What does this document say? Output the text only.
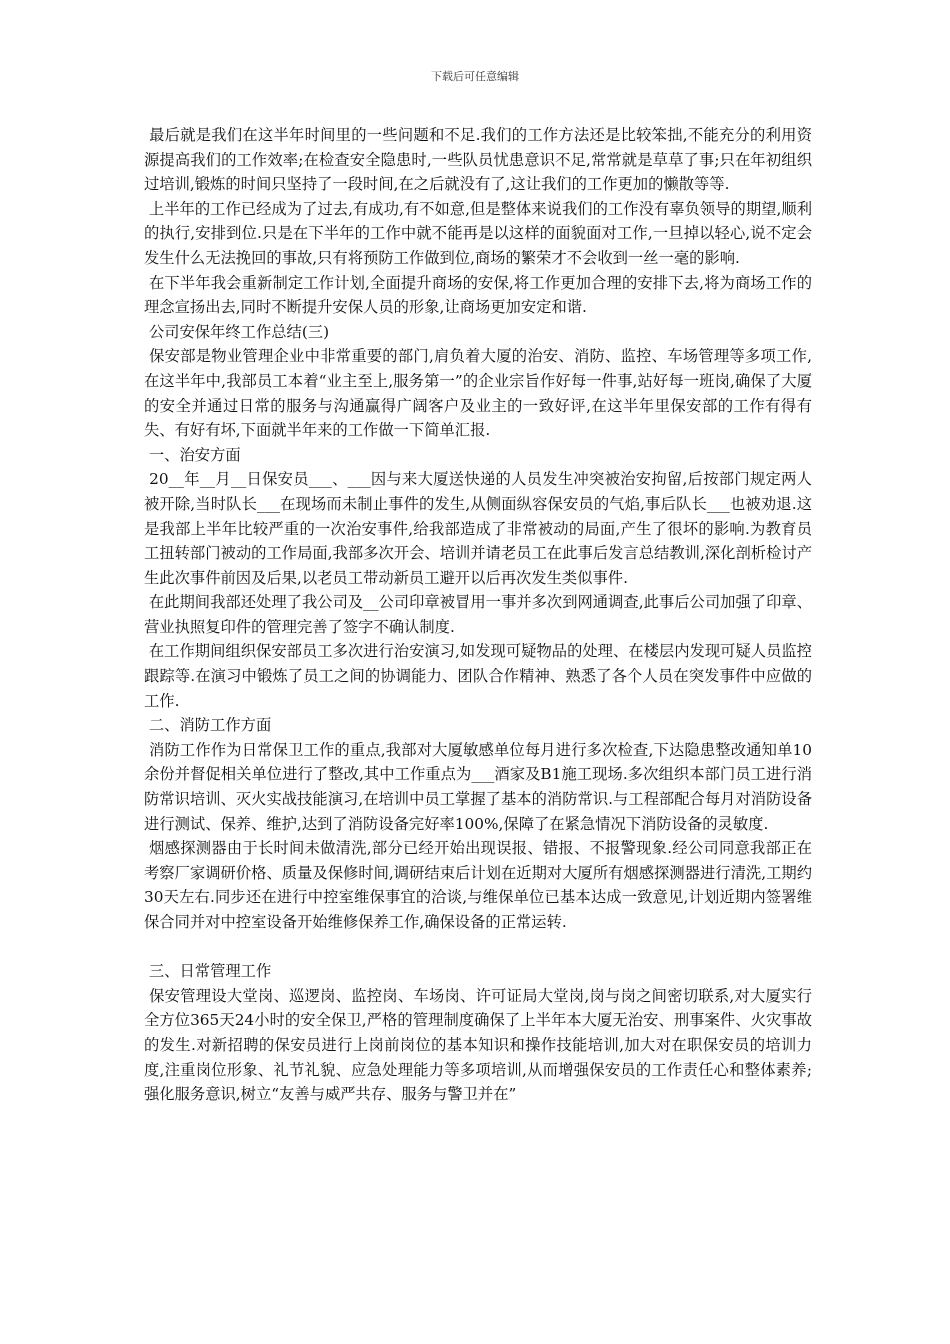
下载后可任意编辑

最后就是我们在这半年时间里的一些问题和不足.我们的工作方法还是比较笨拙,不能充分的利用资源提高我们的工作效率;在检查安全隐患时,一些队员忧患意识不足,常常就是草草了事;只在年初组织过培训,锻炼的时间只坚持了一段时间,在之后就没有了,这让我们的工作更加的懒散等等.

上半年的工作已经成为了过去,有成功,有不如意,但是整体来说我们的工作没有辜负领导的期望,顺利的执行,安排到位.只是在下半年的工作中就不能再是以这样的面貌面对工作,一旦掉以轻心,说不定会发生什么无法挽回的事故,只有将预防工作做到位,商场的繁荣才不会收到一丝一毫的影响.

在下半年我会重新制定工作计划,全面提升商场的安保,将工作更加合理的安排下去,将为商场工作的理念宣扬出去,同时不断提升安保人员的形象,让商场更加安定和谐.

公司安保年终工作总结(三)

保安部是物业管理企业中非常重要的部门,肩负着大厦的治安、消防、监控、车场管理等多项工作,在这半年中,我部员工本着“业主至上,服务第一”的企业宗旨作好每一件事,站好每一班岗,确保了大厦的安全并通过日常的服务与沟通赢得广阔客户及业主的一致好评,在这半年里保安部的工作有得有失、有好有坏,下面就半年来的工作做一下简单汇报.

一、治安方面

20__年__月__日保安员___、___因与来大厦送快递的人员发生冲突被治安拘留,后按部门规定两人被开除,当时队长___在现场而未制止事件的发生,从侧面纵容保安员的气焰,事后队长___也被劝退.这是我部上半年比较严重的一次治安事件,给我部造成了非常被动的局面,产生了很坏的影响.为教育员工扭转部门被动的工作局面,我部多次开会、培训并请老员工在此事后发言总结教训,深化剖析检讨产生此次事件前因及后果,以老员工带动新员工避开以后再次发生类似事件.

在此期间我部还处理了我公司及__公司印章被冒用一事并多次到网通调查,此事后公司加强了印章、营业执照复印件的管理完善了签字不确认制度.

在工作期间组织保安部员工多次进行治安演习,如发现可疑物品的处理、在楼层内发现可疑人员监控跟踪等.在演习中锻炼了员工之间的协调能力、团队合作精神、熟悉了各个人员在突发事件中应做的工作.

二、消防工作方面

消防工作作为日常保卫工作的重点,我部对大厦敏感单位每月进行多次检查,下达隐患整改通知单10余份并督促相关单位进行了整改,其中工作重点为___酒家及B1施工现场.多次组织本部门员工进行消防常识培训、灭火实战技能演习,在培训中员工掌握了基本的消防常识.与工程部配合每月对消防设备进行测试、保养、维护,达到了消防设备完好率100%,保障了在紧急情况下消防设备的灵敏度.

烟感探测器由于长时间未做清洗,部分已经开始出现误报、错报、不报警现象.经公司同意我部正在考察厂家调研价格、质量及保修时间,调研结束后计划在近期对大厦所有烟感探测器进行清洗,工期约30天左右.同步还在进行中控室维保事宜的洽谈,与维保单位已基本达成一致意见,计划近期内签署维保合同并对中控室设备开始维修保养工作,确保设备的正常运转.

三、日常管理工作

保安管理设大堂岗、巡逻岗、监控岗、车场岗、许可证局大堂岗,岗与岗之间密切联系,对大厦实行全方位365天24小时的安全保卫,严格的管理制度确保了上半年本大厦无治安、刑事案件、火灾事故的发生.对新招聘的保安员进行上岗前岗位的基本知识和操作技能培训,加大对在职保安员的培训力度,注重岗位形象、礼节礼貌、应急处理能力等多项培训,从而增强保安员的工作责任心和整体素养;强化服务意识,树立“友善与威严共存、服务与警卫并在”
